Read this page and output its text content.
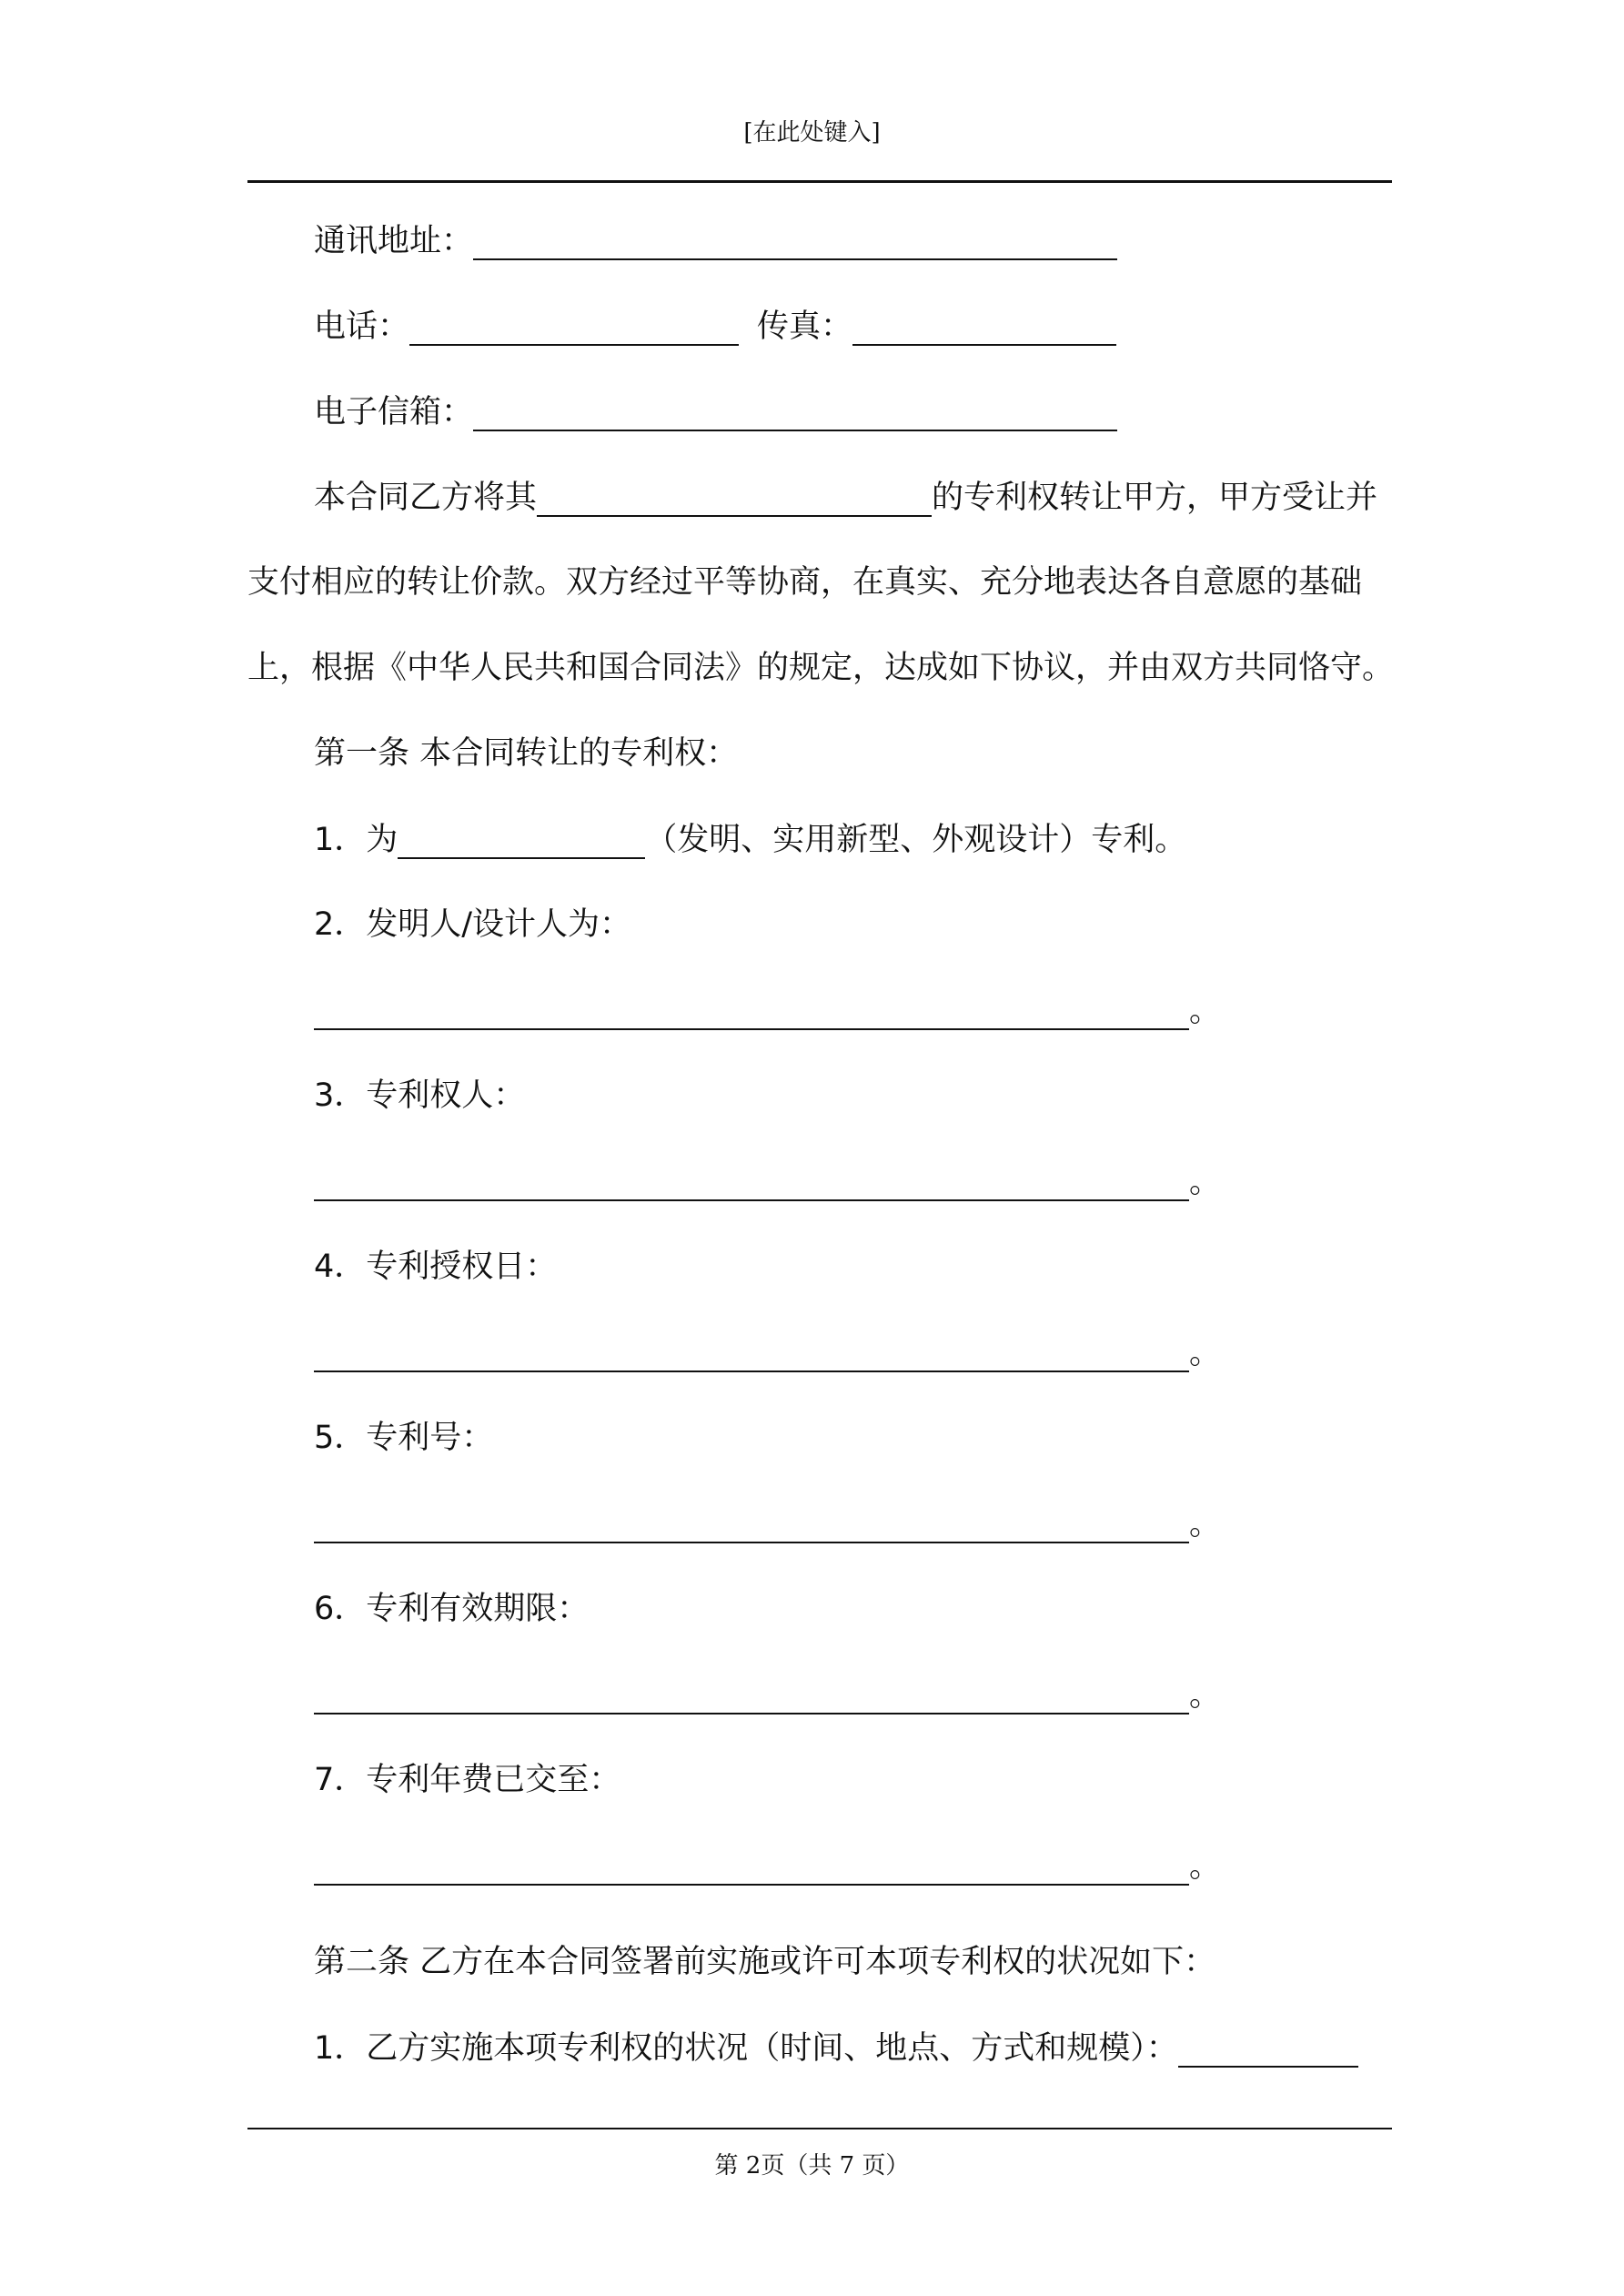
[在此处键入]
通讯地址：
电话：	传真：
电子信箱：
本合同乙方将其	的专利权转让甲方，甲方受让并
支付相应的转让价款。双方经过平等协商，在真实、充分地表达各自意愿的基础
上，根据《中华人民共和国合同法》的规定，达成如下协议，并由双方共同恪守。
第一条 本合同转让的专利权：
1．为	（发明、实用新型、外观设计）专利。
2．发明人/设计人为：
。
3．专利权人：
。
4．专利授权日：
。
5．专利号：
。
6．专利有效期限：
。
7．专利年费已交至：
。
第二条 乙方在本合同签署前实施或许可本项专利权的状况如下：
1．乙方实施本项专利权的状况（时间、地点、方式和规模）：
第 2页（共 7 页）
